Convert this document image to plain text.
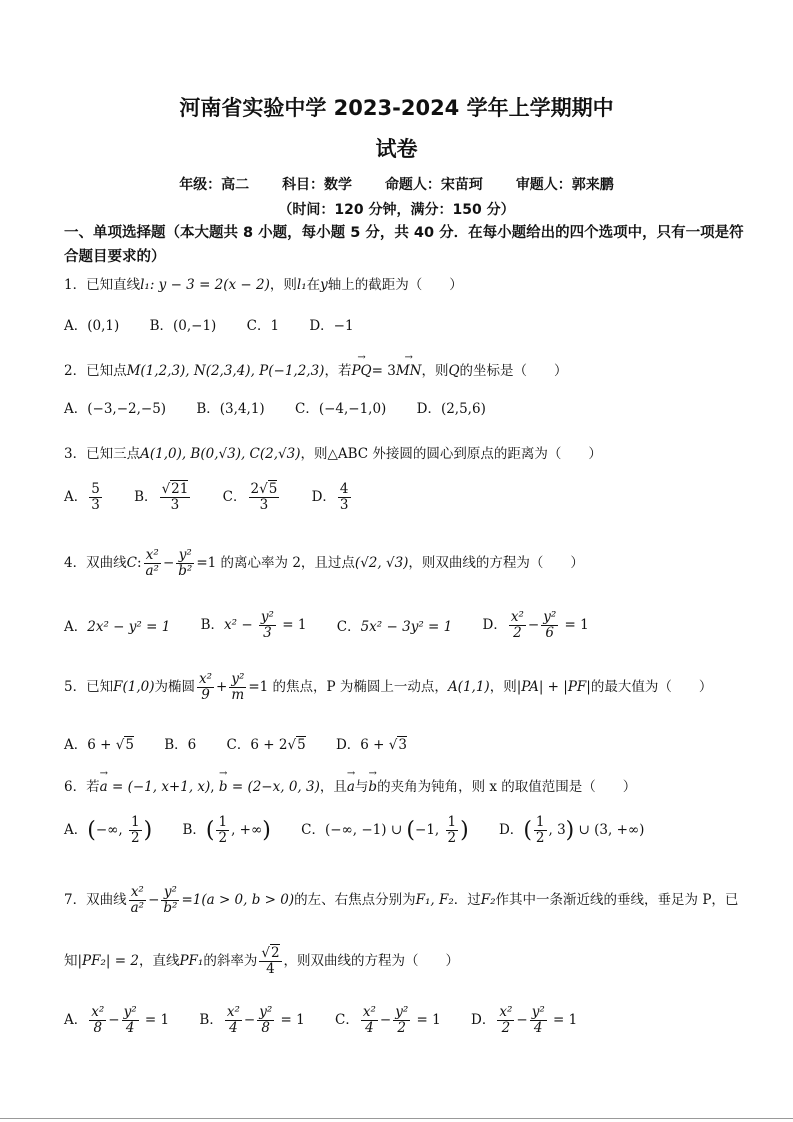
河南省实验中学 2023-2024 学年上学期期中
试卷
年级：高二 科目：数学 命题人：宋苗珂 审题人：郭来鹏
（时间：120 分钟，满分：150 分）
一、单项选择题（本大题共 8 小题，每小题 5 分，共 40 分．在每小题给出的四个选项中，只有一项是符合题目要求的）
1．已知直线l₁: y − 3 = 2(x − 2)，则l₁在y轴上的截距为（　　）
A．(0,1) B．(0,−1) C．1 D．−1
2．已知点M(1,2,3), N(2,3,4), P(−1,2,3)，若→ PQ= 3→ MN，则Q的坐标是（　　）
A．(−3,−2,−5) B．(3,4,1) C．(−4,−1,0) D．(2,5,6)
3．已知三点A(1,0), B(0,√3), C(2,√3)，则△ABC 外接圆的圆心到原点的距离为（　　）
A． $\frac{5}{3}$ B． $\frac{√21}{3}$ C． $\frac{2√5}{3}$ D． $\frac{4}{3}$
4．双曲线C: $\frac{\text{x²}}{\text{a²}} - \frac{\text{y²}}{\text{b²}} =1$ 的离心率为 2，且过点(√2, √3)，则双曲线的方程为（　　）
A．2x² − y² = 1 B．$x^2 - \frac{\text{y²}}{3} = 1$ C．5x² − 3y² = 1 D． $\frac{\text{x²}}{2} - \frac{\text{y²}}{6} = 1$
5．已知F(1,0)为椭圆 $\frac{\text{x²}}{9} + \frac{\text{y²}}{m} =1$ 的焦点，P 为椭圆上一动点，A(1,1)，则|PA| + |PF|的最大值为（　　）
A．6 + √5 B．6 C．6 + 2√5 D．6 + √3
6．若→ a = (−1, x+1, x), → b = (2−x, 0, 3)，且→ a与→ b的夹角为钝角，则 x 的取值范围是（　　）
A．(−∞, $\frac{1}{2}$ ) B．( $\frac{1}{2}$ , +∞) C．(−∞, −1) ∪ (−1, $\frac{1}{2}$ ) D．( $\frac{1}{2}$ , 3) ∪ (3, +∞)
7．双曲线 $\frac{\text{x²}}{\text{a²}} - \frac{\text{y²}}{\text{b²}} =1(a > 0$, b > 0)的左、右焦点分别为F₁, F₂．过F₂作其中一条渐近线的垂线，垂足为 P，已
知|PF₂| = 2，直线PF₁的斜率为 $\frac{√2}{4}$ ，则双曲线的方程为（　　）
A． $\frac{\text{x²}}{8} - \frac{\text{y²}}{4} = 1$ B． $\frac{\text{x²}}{4} - \frac{\text{y²}}{8} = 1$ C． $\frac{\text{x²}}{4} - \frac{\text{y²}}{2} = 1$ D． $\frac{\text{x²}}{2} - \frac{\text{y²}}{4} = 1$
